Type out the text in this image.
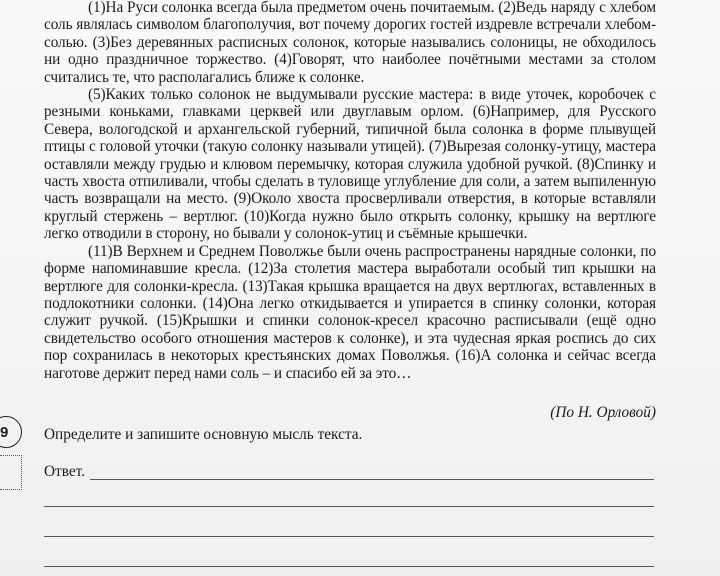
(1)На Руси солонка всегда была предметом очень почитаемым. (2)Ведь наряду с хлебом соль являлась символом благополучия, вот почему дорогих гостей издревле встречали хлебом-солью. (3)Без деревянных расписных солонок, которые назывались солоницы, не обходилось ни одно праздничное торжество. (4)Говорят, что наиболее почётными местами за столом считались те, что располагались ближе к солонке.

(5)Каких только солонок не выдумывали русские мастера: в виде уточек, коробочек с резными коньками, главками церквей или двуглавым орлом. (6)Например, для Русского Севера, вологодской и архангельской губерний, типичной была солонка в форме плывущей птицы с головой уточки (такую солонку называли утицей). (7)Вырезая солонку-утицу, мастера оставляли между грудью и клювом перемычку, которая служила удобной ручкой. (8)Спинку и часть хвоста отпиливали, чтобы сделать в туловище углубление для соли, а затем выпиленную часть возвращали на место. (9)Около хвоста просверливали отверстия, в которые вставляли круглый стержень – вертлюг. (10)Когда нужно было открыть солонку, крышку на вертлюге легко отводили в сторону, но бывали у солонок-утиц и съёмные крышечки.

(11)В Верхнем и Среднем Поволжье были очень распространены нарядные солонки, по форме напоминавшие кресла. (12)За столетия мастера выработали особый тип крышки на вертлюге для солонки-кресла. (13)Такая крышка вращается на двух вертлюгах, вставленных в подлокотники солонки. (14)Она легко откидывается и упирается в спинку солонки, которая служит ручкой. (15)Крышки и спинки солонок-кресел красочно расписывали (ещё одно свидетельство особого отношения мастеров к солонке), и эта чудесная яркая роспись до сих пор сохранилась в некоторых крестьянских домах Поволжья. (16)А солонка и сейчас всегда наготове держит перед нами соль – и спасибо ей за это…

(По Н. Орловой)
9 Определите и запишите основную мысль текста.
Ответ.
